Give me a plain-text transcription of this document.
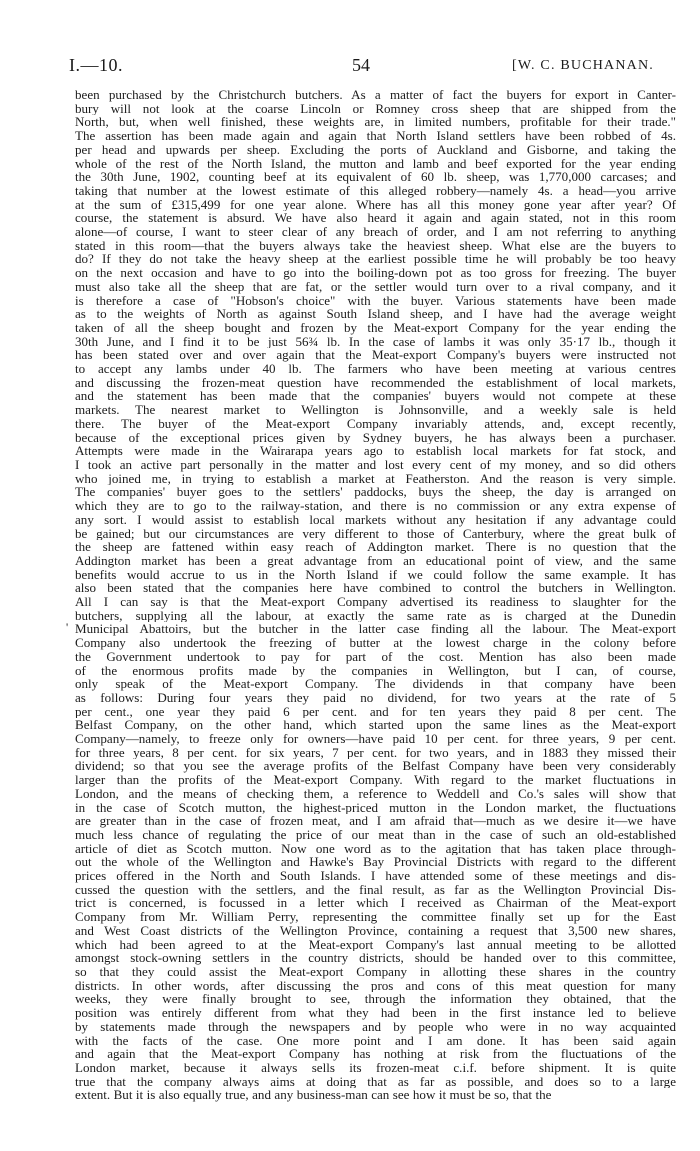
I.—10.	54	[W. C. BUCHANAN.
'
been purchased by the Christchurch butchers. As a matter of fact the buyers for export in Canter-
bury will not look at the coarse Lincoln or Romney cross sheep that are shipped from the
North, but, when well finished, these weights are, in limited numbers, profitable for their trade."
The assertion has been made again and again that North Island settlers have been robbed of 4s.
per head and upwards per sheep. Excluding the ports of Auckland and Gisborne, and taking the
whole of the rest of the North Island, the mutton and lamb and beef exported for the year ending
the 30th June, 1902, counting beef at its equivalent of 60 lb. sheep, was 1,770,000 carcases; and
taking that number at the lowest estimate of this alleged robbery—namely 4s. a head—you arrive
at the sum of £315,499 for one year alone. Where has all this money gone year after year? Of
course, the statement is absurd. We have also heard it again and again stated, not in this room
alone—of course, I want to steer clear of any breach of order, and I am not referring to anything
stated in this room—that the buyers always take the heaviest sheep. What else are the buyers to
do? If they do not take the heavy sheep at the earliest possible time he will probably be too heavy
on the next occasion and have to go into the boiling-down pot as too gross for freezing. The buyer
must also take all the sheep that are fat, or the settler would turn over to a rival company, and it
is therefore a case of "Hobson's choice" with the buyer. Various statements have been made
as to the weights of North as against South Island sheep, and I have had the average weight
taken of all the sheep bought and frozen by the Meat-export Company for the year ending the
30th June, and I find it to be just 56¾ lb. In the case of lambs it was only 35·17 lb., though it
has been stated over and over again that the Meat-export Company's buyers were instructed not
to accept any lambs under 40 lb. The farmers who have been meeting at various centres
and discussing the frozen-meat question have recommended the establishment of local markets,
and the statement has been made that the companies' buyers would not compete at these
markets. The nearest market to Wellington is Johnsonville, and a weekly sale is held
there. The buyer of the Meat-export Company invariably attends, and, except recently,
because of the exceptional prices given by Sydney buyers, he has always been a purchaser.
Attempts were made in the Wairarapa years ago to establish local markets for fat stock, and
I took an active part personally in the matter and lost every cent of my money, and so did others
who joined me, in trying to establish a market at Featherston. And the reason is very simple.
The companies' buyer goes to the settlers' paddocks, buys the sheep, the day is arranged on
which they are to go to the railway-station, and there is no commission or any extra expense of
any sort. I would assist to establish local markets without any hesitation if any advantage could
be gained; but our circumstances are very different to those of Canterbury, where the great bulk of
the sheep are fattened within easy reach of Addington market. There is no question that the
Addington market has been a great advantage from an educational point of view, and the same
benefits would accrue to us in the North Island if we could follow the same example. It has
also been stated that the companies here have combined to control the butchers in Wellington.
All I can say is that the Meat-export Company advertised its readiness to slaughter for the
butchers, supplying all the labour, at exactly the same rate as is charged at the Dunedin
Municipal Abattoirs, but the butcher in the latter case finding all the labour. The Meat-export
Company also undertook the freezing of butter at the lowest charge in the colony before
the Government undertook to pay for part of the cost. Mention has also been made
of the enormous profits made by the companies in Wellington, but I can, of course,
only speak of the Meat-export Company. The dividends in that company have been
as follows: During four years they paid no dividend, for two years at the rate of 5
per cent., one year they paid 6 per cent. and for ten years they paid 8 per cent. The
Belfast Company, on the other hand, which started upon the same lines as the Meat-export
Company—namely, to freeze only for owners—have paid 10 per cent. for three years, 9 per cent.
for three years, 8 per cent. for six years, 7 per cent. for two years, and in 1883 they missed their
dividend; so that you see the average profits of the Belfast Company have been very considerably
larger than the profits of the Meat-export Company. With regard to the market fluctuations in
London, and the means of checking them, a reference to Weddell and Co.'s sales will show that
in the case of Scotch mutton, the highest-priced mutton in the London market, the fluctuations
are greater than in the case of frozen meat, and I am afraid that—much as we desire it—we have
much less chance of regulating the price of our meat than in the case of such an old-established
article of diet as Scotch mutton. Now one word as to the agitation that has taken place through-
out the whole of the Wellington and Hawke's Bay Provincial Districts with regard to the different
prices offered in the North and South Islands. I have attended some of these meetings and dis-
cussed the question with the settlers, and the final result, as far as the Wellington Provincial Dis-
trict is concerned, is focussed in a letter which I received as Chairman of the Meat-export
Company from Mr. William Perry, representing the committee finally set up for the East
and West Coast districts of the Wellington Province, containing a request that 3,500 new shares,
which had been agreed to at the Meat-export Company's last annual meeting to be allotted
amongst stock-owning settlers in the country districts, should be handed over to this committee,
so that they could assist the Meat-export Company in allotting these shares in the country
districts. In other words, after discussing the pros and cons of this meat question for many
weeks, they were finally brought to see, through the information they obtained, that the
position was entirely different from what they had been in the first instance led to believe
by statements made through the newspapers and by people who were in no way acquainted
with the facts of the case. One more point and I am done. It has been said again
and again that the Meat-export Company has nothing at risk from the fluctuations of the
London market, because it always sells its frozen-meat c.i.f. before shipment. It is quite
true that the company always aims at doing that as far as possible, and does so to a large
extent. But it is also equally true, and any business-man can see how it must be so, that the
